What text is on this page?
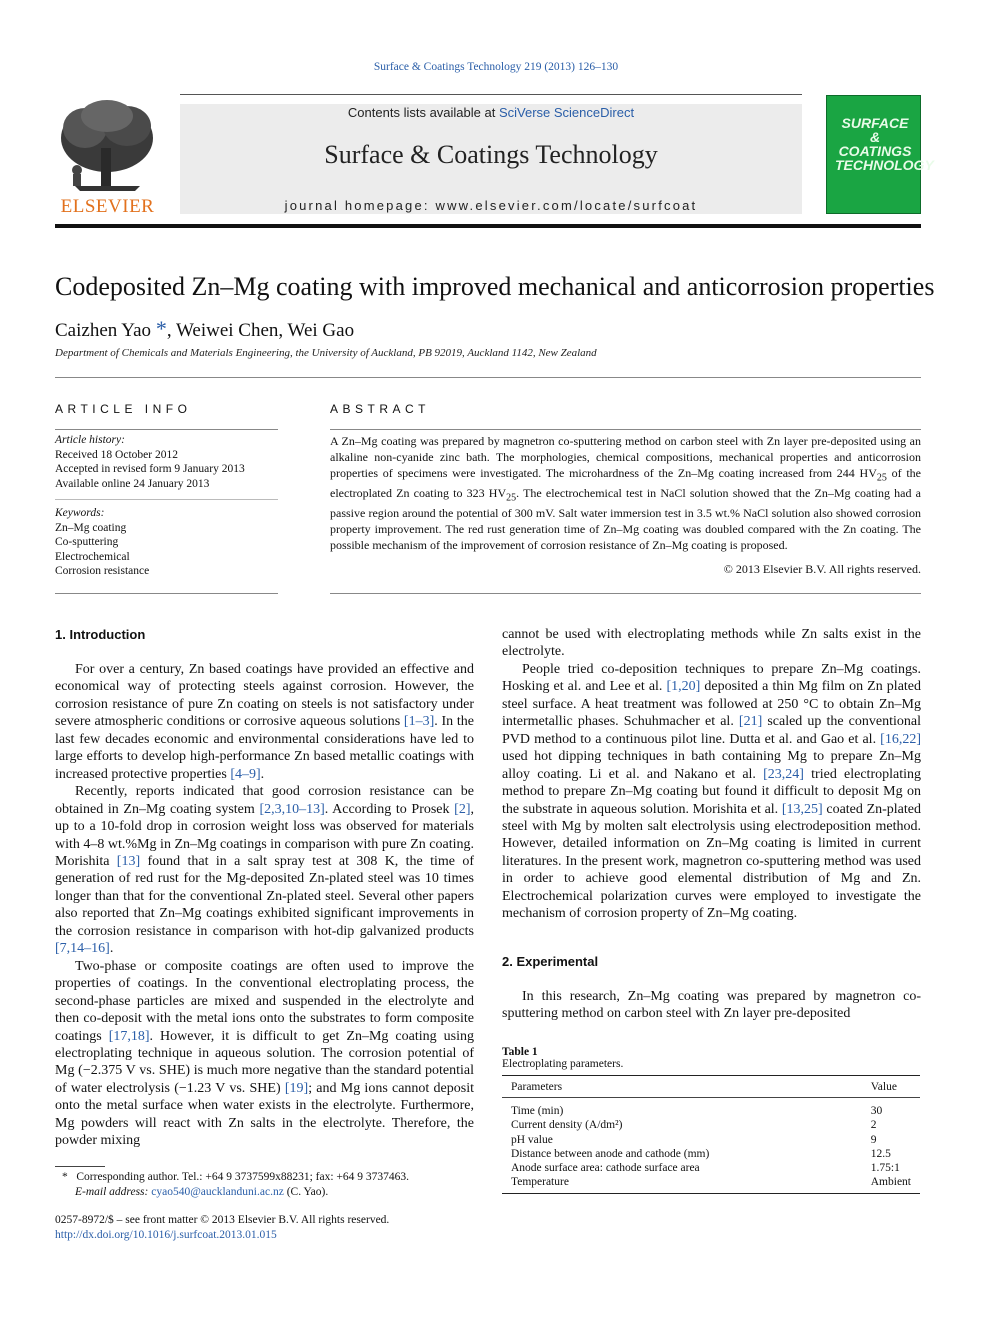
Surface & Coatings Technology 219 (2013) 126–130
Contents lists available at SciVerse ScienceDirect
Surface & Coatings Technology
journal homepage: www.elsevier.com/locate/surfcoat
ELSEVIER
SURFACE & COATINGS TECHNOLOGY
Codeposited Zn–Mg coating with improved mechanical and anticorrosion properties
Caizhen Yao *, Weiwei Chen, Wei Gao
Department of Chemicals and Materials Engineering, the University of Auckland, PB 92019, Auckland 1142, New Zealand
ARTICLE INFO
Article history:
Received 18 October 2012
Accepted in revised form 9 January 2013
Available online 24 January 2013
Keywords:
Zn–Mg coating
Co-sputtering
Electrochemical
Corrosion resistance
ABSTRACT
A Zn–Mg coating was prepared by magnetron co-sputtering method on carbon steel with Zn layer pre-deposited using an alkaline non-cyanide zinc bath. The morphologies, chemical compositions, mechanical properties and anticorrosion properties of specimens were investigated. The microhardness of the Zn–Mg coating increased from 244 $HV_{25}$ of the electroplated Zn coating to 323 $HV_{25}$. The electrochemical test in NaCl solution showed that the Zn–Mg coating had a passive region around the potential of 300 mV. Salt water immersion test in 3.5 wt.% NaCl solution also showed corrosion property improvement. The red rust generation time of Zn–Mg coating was doubled compared with the Zn coating. The possible mechanism of the improvement of corrosion resistance of Zn–Mg coating is proposed.
© 2013 Elsevier B.V. All rights reserved.
1. Introduction

For over a century, Zn based coatings have provided an effective and economical way of protecting steels against corrosion. However, the corrosion resistance of pure Zn coating on steels is not satisfactory under severe atmospheric conditions or corrosive aqueous solutions [1–3]. In the last few decades economic and environmental considerations have led to large efforts to develop high-performance Zn based metallic coatings with increased protective properties [4–9].

Recently, reports indicated that good corrosion resistance can be obtained in Zn–Mg coating system [2,3,10–13]. According to Prosek [2], up to a 10-fold drop in corrosion weight loss was observed for materials with 4–8 wt.%Mg in Zn–Mg coatings in comparison with pure Zn coating. Morishita [13] found that in a salt spray test at 308 K, the time of generation of red rust for the Mg-deposited Zn-plated steel was 10 times longer than that for the conventional Zn-plated steel. Several other papers also reported that Zn–Mg coatings exhibited significant improvements in the corrosion resistance in comparison with hot-dip galvanized products [7,14–16].

Two-phase or composite coatings are often used to improve the properties of coatings. In the conventional electroplating process, the second-phase particles are mixed and suspended in the electrolyte and then co-deposit with the metal ions onto the substrates to form composite coatings [17,18]. However, it is difficult to get Zn–Mg coating using electroplating technique in aqueous solution. The corrosion potential of Mg (−2.375 V vs. SHE) is much more negative than the standard potential of water electrolysis (−1.23 V vs. SHE) [19]; and Mg ions cannot deposit onto the metal surface when water exists in the electrolyte. Furthermore, Mg powders will react with Zn salts in the electrolyte. Therefore, the powder mixing

* Corresponding author. Tel.: +64 9 3737599x88231; fax: +64 9 3737463.
E-mail address: cyao540@aucklanduni.ac.nz (C. Yao).
0257-8972/$ – see front matter © 2013 Elsevier B.V. All rights reserved.
http://dx.doi.org/10.1016/j.surfcoat.2013.01.015

cannot be used with electroplating methods while Zn salts exist in the electrolyte.

People tried co-deposition techniques to prepare Zn–Mg coatings. Hosking et al. and Lee et al. [1,20] deposited a thin Mg film on Zn plated steel surface. A heat treatment was followed at 250 °C to obtain Zn–Mg intermetallic phases. Schuhmacher et al. [21] scaled up the conventional PVD method to a continuous pilot line. Dutta et al. and Gao et al. [16,22] used hot dipping techniques in bath containing Mg to prepare Zn–Mg alloy coating. Li et al. and Nakano et al. [23,24] tried electroplating method to prepare Zn–Mg coating but found it difficult to deposit Mg on the substrate in aqueous solution. Morishita et al. [13,25] coated Zn-plated steel with Mg by molten salt electrolysis using electrodeposition method. However, detailed information on Zn–Mg coating is limited in current literatures. In the present work, magnetron co-sputtering method was used in order to achieve good elemental distribution of Mg and Zn. Electrochemical polarization curves were employed to investigate the mechanism of corrosion property of Zn–Mg coating.

2. Experimental

In this research, Zn–Mg coating was prepared by magnetron co-sputtering method on carbon steel with Zn layer pre-deposited

Table 1
Electroplating parameters.
Parameters	Value
Time (min)	30
Current density (A/dm²)	2
pH value	9
Distance between anode and cathode (mm)	12.5
Anode surface area: cathode surface area	1.75:1
Temperature	Ambient
